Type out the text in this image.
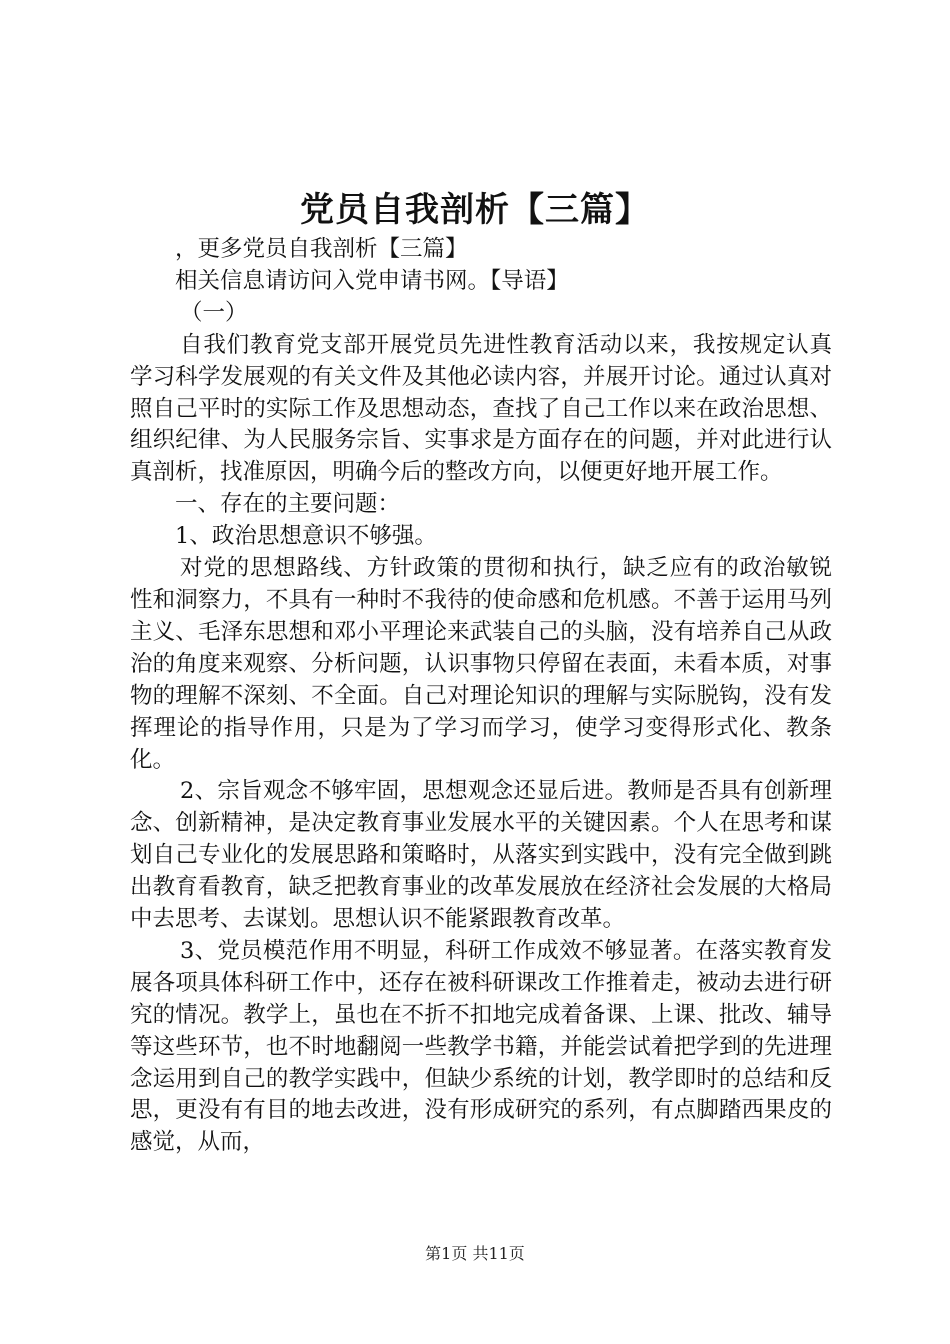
党员自我剖析【三篇】

，更多党员自我剖析【三篇】

相关信息请访问入党申请书网。【导语】

（一）

自我们教育党支部开展党员先进性教育活动以来，我按规定认真学习科学发展观的有关文件及其他必读内容，并展开讨论。通过认真对照自己平时的实际工作及思想动态，查找了自己工作以来在政治思想、组织纪律、为人民服务宗旨、实事求是方面存在的问题，并对此进行认真剖析，找准原因，明确今后的整改方向，以便更好地开展工作。

一、存在的主要问题：

1、政治思想意识不够强。

对党的思想路线、方针政策的贯彻和执行，缺乏应有的政治敏锐性和洞察力，不具有一种时不我待的使命感和危机感。不善于运用马列主义、毛泽东思想和邓小平理论来武装自己的头脑，没有培养自己从政治的角度来观察、分析问题，认识事物只停留在表面，未看本质，对事物的理解不深刻、不全面。自己对理论知识的理解与实际脱钩，没有发挥理论的指导作用，只是为了学习而学习，使学习变得形式化、教条化。

2、宗旨观念不够牢固，思想观念还显后进。教师是否具有创新理念、创新精神，是决定教育事业发展水平的关键因素。个人在思考和谋划自己专业化的发展思路和策略时，从落实到实践中，没有完全做到跳出教育看教育，缺乏把教育事业的改革发展放在经济社会发展的大格局中去思考、去谋划。思想认识不能紧跟教育改革。

3、党员模范作用不明显，科研工作成效不够显著。在落实教育发展各项具体科研工作中，还存在被科研课改工作推着走，被动去进行研究的情况。教学上，虽也在不折不扣地完成着备课、上课、批改、辅导等这些环节，也不时地翻阅一些教学书籍，并能尝试着把学到的先进理念运用到自己的教学实践中，但缺少系统的计划，教学即时的总结和反思，更没有有目的地去改进，没有形成研究的系列，有点脚踏西果皮的感觉，从而，

第1页 共11页
